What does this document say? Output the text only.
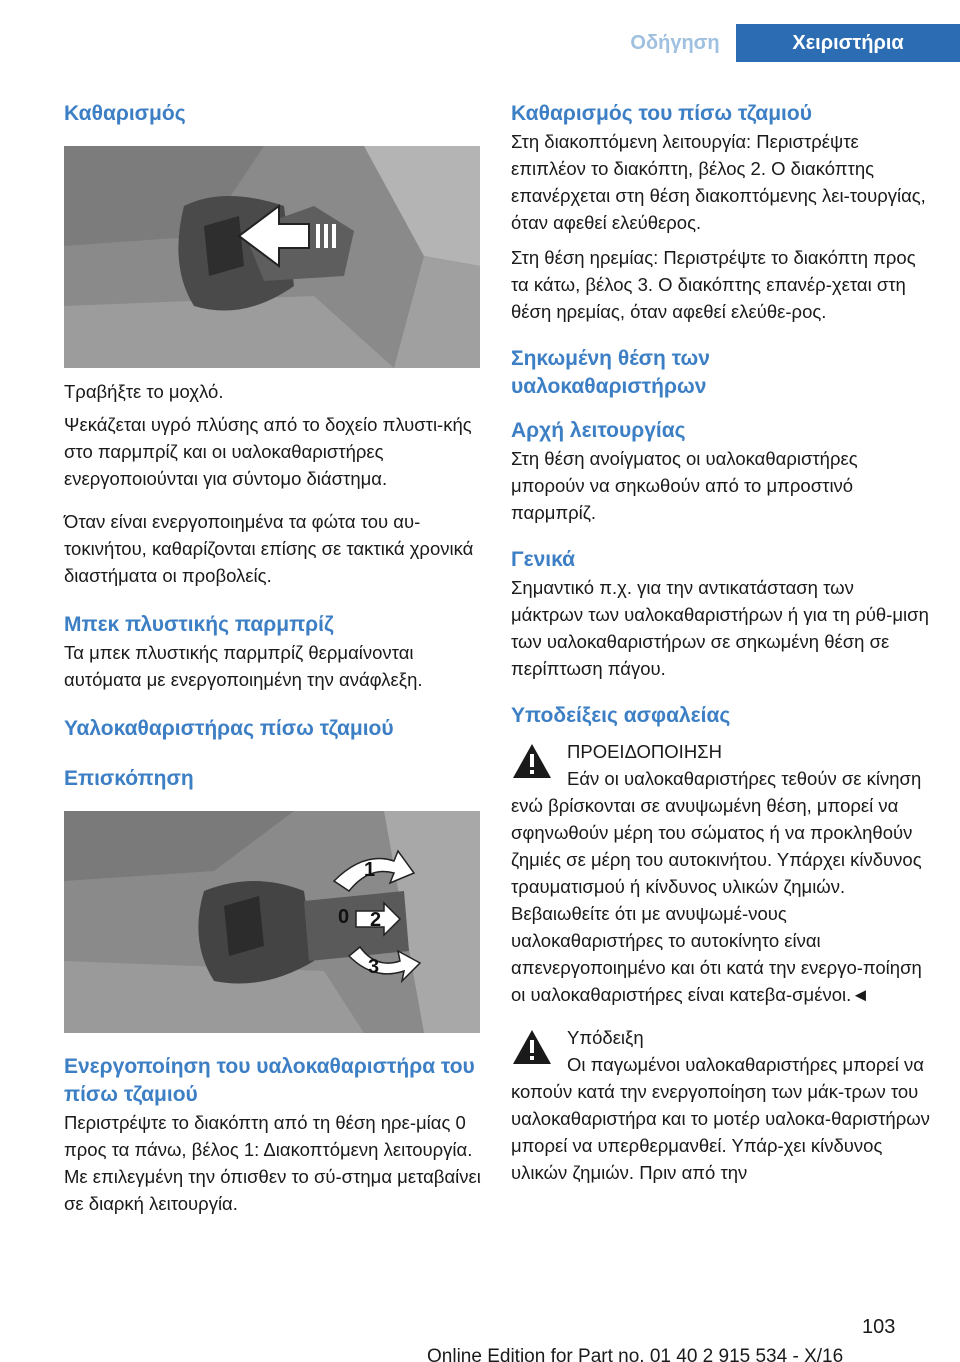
Οδήγηση	Χειριστήρια
Καθαρισμός

Τραβήξτε το μοχλό.

Ψεκάζεται υγρό πλύσης από το δοχείο πλυστι-κής στο παρμπρίζ και οι υαλοκαθαριστήρες ενεργοποιούνται για σύντομο διάστημα.

Όταν είναι ενεργοποιημένα τα φώτα του αυ-τοκινήτου, καθαρίζονται επίσης σε τακτικά χρονικά διαστήματα οι προβολείς.

Μπεκ πλυστικής παρμπρίζ

Τα μπεκ πλυστικής παρμπρίζ θερμαίνονται αυτόματα με ενεργοποιημένη την ανάφλεξη.

Υαλοκαθαριστήρας πίσω τζαμιού
Επισκόπηση
1
0 2
3
Ενεργοποίηση του υαλοκαθαριστήρα του πίσω τζαμιού

Περιστρέψτε το διακόπτη από τη θέση ηρε-μίας 0 προς τα πάνω, βέλος 1: Διακοπτόμενη λειτουργία. Με επιλεγμένη την όπισθεν το σύ-στημα μεταβαίνει σε διαρκή λειτουργία.

Καθαρισμός του πίσω τζαμιού

Στη διακοπτόμενη λειτουργία: Περιστρέψτε επιπλέον το διακόπτη, βέλος 2. Ο διακόπτης επανέρχεται στη θέση διακοπτόμενης λει-τουργίας, όταν αφεθεί ελεύθερος.

Στη θέση ηρεμίας: Περιστρέψτε το διακόπτη προς τα κάτω, βέλος 3. Ο διακόπτης επανέρ-χεται στη θέση ηρεμίας, όταν αφεθεί ελεύθε-ρος.

Σηκωμένη θέση των υαλοκαθαριστήρων
Αρχή λειτουργίας

Στη θέση ανοίγματος οι υαλοκαθαριστήρες μπορούν να σηκωθούν από το μπροστινό παρμπρίζ.

Γενικά

Σημαντικό π.χ. για την αντικατάσταση των μάκτρων των υαλοκαθαριστήρων ή για τη ρύθ-μιση των υαλοκαθαριστήρων σε σηκωμένη θέση σε περίπτωση πάγου.

Υποδείξεις ασφαλείας

ΠΡΟΕΙΔΟΠΟΙΗΣΗ

Εάν οι υαλοκαθαριστήρες τεθούν σε κίνηση ενώ βρίσκονται σε ανυψωμένη θέση, μπορεί να σφηνωθούν μέρη του σώματος ή να προκληθούν ζημιές σε μέρη του αυτοκινήτου. Υπάρχει κίνδυνος τραυματισμού ή κίνδυνος υλικών ζημιών. Βεβαιωθείτε ότι με ανυψωμέ-νους υαλοκαθαριστήρες το αυτοκίνητο είναι απενεργοποιημένο και ότι κατά την ενεργο-ποίηση οι υαλοκαθαριστήρες είναι κατεβα-σμένοι.◄

Υπόδειξη

Οι παγωμένοι υαλοκαθαριστήρες μπορεί να κοπούν κατά την ενεργοποίηση των μάκ-τρων του υαλοκαθαριστήρα και το μοτέρ υαλοκα-θαριστήρων μπορεί να υπερθερμανθεί. Υπάρ-χει κίνδυνος υλικών ζημιών. Πριν από την

103
Online Edition for Part no. 01 40 2 915 534 - X/16
